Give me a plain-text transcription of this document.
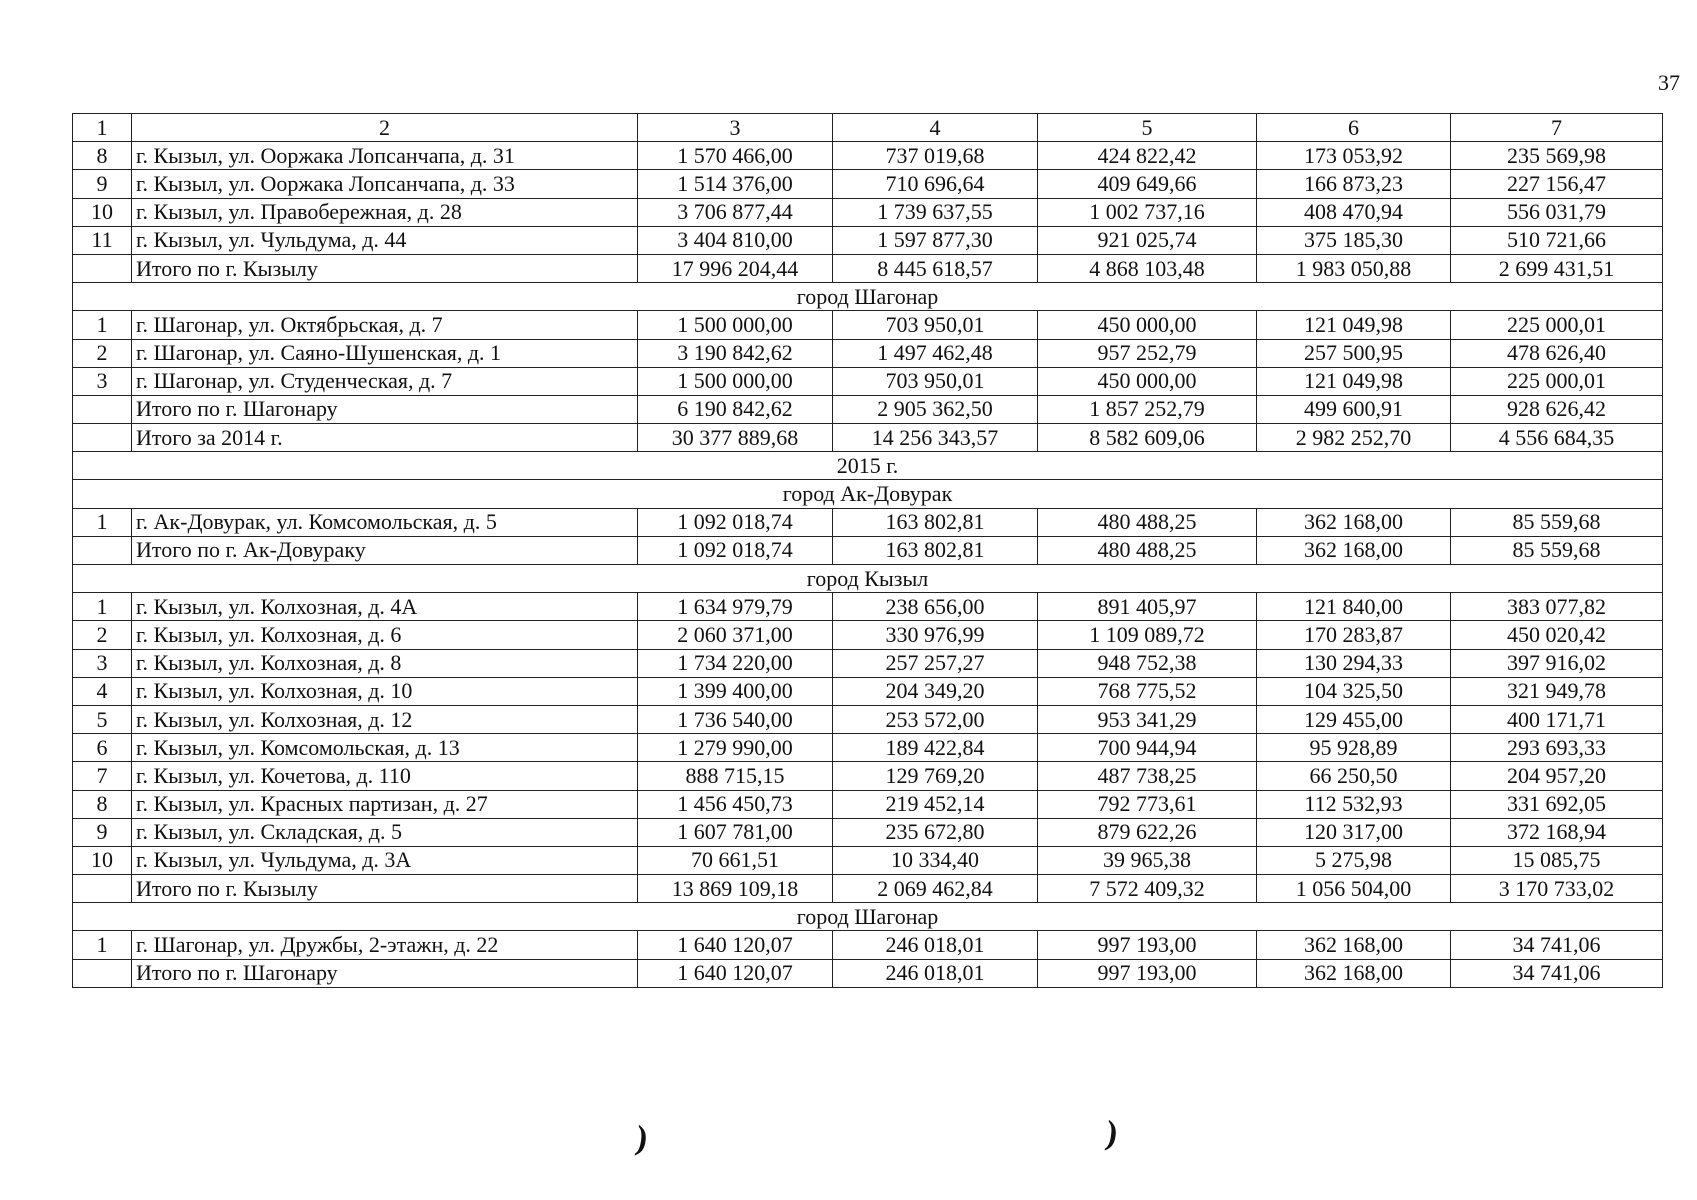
37
1	2	3	4	5	6	7
8	г. Кызыл, ул. Ооржака Лопсанчапа, д. 31	1 570 466,00	737 019,68	424 822,42	173 053,92	235 569,98
9	г. Кызыл, ул. Ооржака Лопсанчапа, д. 33	1 514 376,00	710 696,64	409 649,66	166 873,23	227 156,47
10	г. Кызыл, ул. Правобережная, д. 28	3 706 877,44	1 739 637,55	1 002 737,16	408 470,94	556 031,79
11	г. Кызыл, ул. Чульдума, д. 44	3 404 810,00	1 597 877,30	921 025,74	375 185,30	510 721,66
	Итого по г. Кызылу	17 996 204,44	8 445 618,57	4 868 103,48	1 983 050,88	2 699 431,51
город Шагонар						
1	г. Шагонар, ул. Октябрьская, д. 7	1 500 000,00	703 950,01	450 000,00	121 049,98	225 000,01
2	г. Шагонар, ул. Саяно-Шушенская, д. 1	3 190 842,62	1 497 462,48	957 252,79	257 500,95	478 626,40
3	г. Шагонар, ул. Студенческая, д. 7	1 500 000,00	703 950,01	450 000,00	121 049,98	225 000,01
	Итого по г. Шагонару	6 190 842,62	2 905 362,50	1 857 252,79	499 600,91	928 626,42
	Итого за 2014 г.	30 377 889,68	14 256 343,57	8 582 609,06	2 982 252,70	4 556 684,35
2015 г.						
город Ак-Довурак						
1	г. Ак-Довурак, ул. Комсомольская, д. 5	1 092 018,74	163 802,81	480 488,25	362 168,00	85 559,68
	Итого по г. Ак-Довураку	1 092 018,74	163 802,81	480 488,25	362 168,00	85 559,68
город Кызыл						
1	г. Кызыл, ул. Колхозная, д. 4А	1 634 979,79	238 656,00	891 405,97	121 840,00	383 077,82
2	г. Кызыл, ул. Колхозная, д. 6	2 060 371,00	330 976,99	1 109 089,72	170 283,87	450 020,42
3	г. Кызыл, ул. Колхозная, д. 8	1 734 220,00	257 257,27	948 752,38	130 294,33	397 916,02
4	г. Кызыл, ул. Колхозная, д. 10	1 399 400,00	204 349,20	768 775,52	104 325,50	321 949,78
5	г. Кызыл, ул. Колхозная, д. 12	1 736 540,00	253 572,00	953 341,29	129 455,00	400 171,71
6	г. Кызыл, ул. Комсомольская, д. 13	1 279 990,00	189 422,84	700 944,94	95 928,89	293 693,33
7	г. Кызыл, ул. Кочетова, д. 110	888 715,15	129 769,20	487 738,25	66 250,50	204 957,20
8	г. Кызыл, ул. Красных партизан, д. 27	1 456 450,73	219 452,14	792 773,61	112 532,93	331 692,05
9	г. Кызыл, ул. Складская, д. 5	1 607 781,00	235 672,80	879 622,26	120 317,00	372 168,94
10	г. Кызыл, ул. Чульдума, д. 3А	70 661,51	10 334,40	39 965,38	5 275,98	15 085,75
	Итого по г. Кызылу	13 869 109,18	2 069 462,84	7 572 409,32	1 056 504,00	3 170 733,02
город Шагонар						
1	г. Шагонар, ул. Дружбы, 2-этажн, д. 22	1 640 120,07	246 018,01	997 193,00	362 168,00	34 741,06
	Итого по г. Шагонару	1 640 120,07	246 018,01	997 193,00	362 168,00	34 741,06
)	)
